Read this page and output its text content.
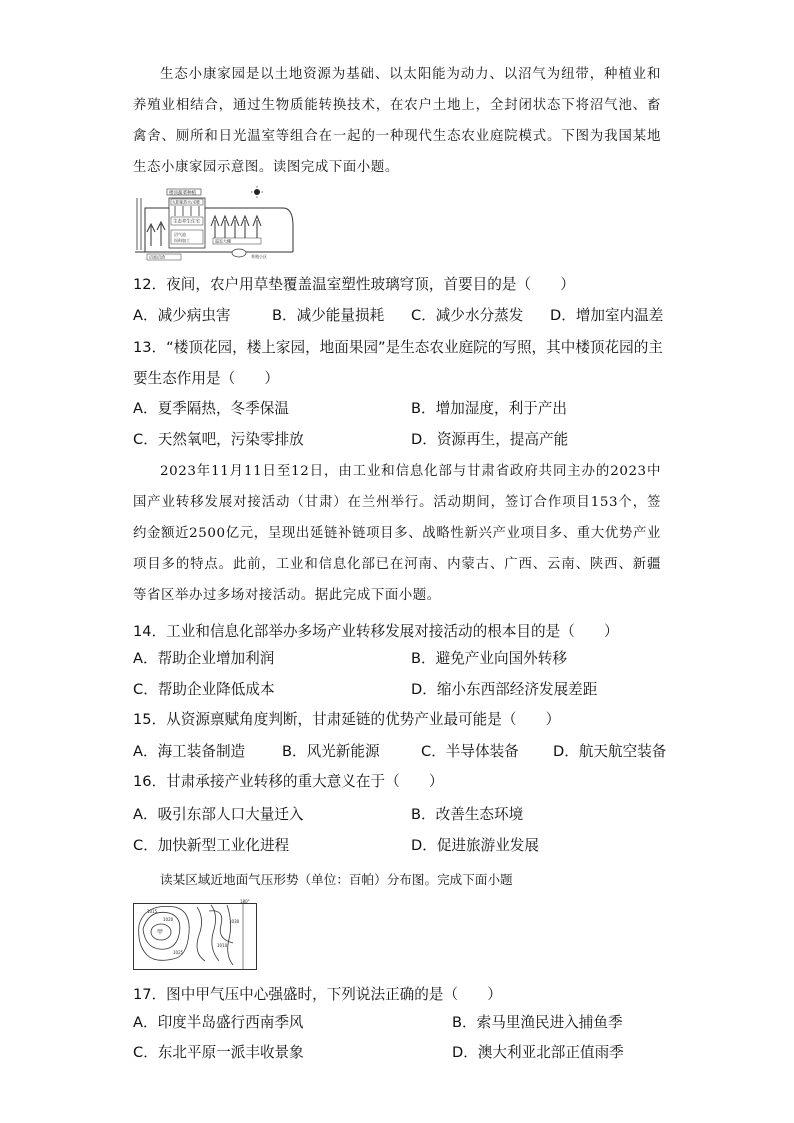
生态小康家园是以土地资源为基础、以太阳能为动力、以沼气为纽带，种植业和养殖业相结合，通过生物质能转换技术，在农户土地上，全封闭状态下将沼气池、畜禽舍、厕所和日光温室等组合在一起的一种现代生态农业庭院模式。下图为我国某地生态小康家园示意图。读图完成下面小题。
楼顶蔬菜种植
太阳能热水/采暖
生态养生住宅
沼气池
饲料加工	温室大棚
沼液沼渣	养殖小区
12．夜间，农户用草垫覆盖温室塑性玻璃穹顶，首要目的是（　　）
A．减少病虫害	B．减少能量损耗 C．减少水分蒸发 D．增加室内温差
13．“楼顶花园，楼上家园，地面果园”是生态农业庭院的写照，其中楼顶花园的主要生态作用是（　　）
A．夏季隔热，冬季保温	B．增加湿度，利于产出
C．天然氧吧，污染零排放	D．资源再生，提高产能
2023年11月11日至12日，由工业和信息化部与甘肃省政府共同主办的2023中国产业转移发展对接活动（甘肃）在兰州举行。活动期间，签订合作项目153个，签约金额近2500亿元，呈现出延链补链项目多、战略性新兴产业项目多、重大优势产业项目多的特点。此前，工业和信息化部已在河南、内蒙古、广西、云南、陕西、新疆等省区举办过多场对接活动。据此完成下面小题。
14．工业和信息化部举办多场产业转移发展对接活动的根本目的是（　　）
A．帮助企业增加利润	B．避免产业向国外转移
C．帮助企业降低成本	D．缩小东西部经济发展差距
15．从资源禀赋角度判断，甘肃延链的优势产业最可能是（　　）
A．海工装备制造	B．风光新能源	C．半导体装备 D．航天航空装备
16．甘肃承接产业转移的重大意义在于（　　）
A．吸引东部人口大量迁入	B．改善生态环境
C．加快新型工业化进程	D．促进旅游业发展
读某区域近地面气压形势（单位：百帕）分布图。完成下面小题
180°
甲
1015
1020
1025
1030
1010
17．图中甲气压中心强盛时，下列说法正确的是（　　）
A．印度半岛盛行西南季风	B．索马里渔民进入捕鱼季
C．东北平原一派丰收景象	D．澳大利亚北部正值雨季
